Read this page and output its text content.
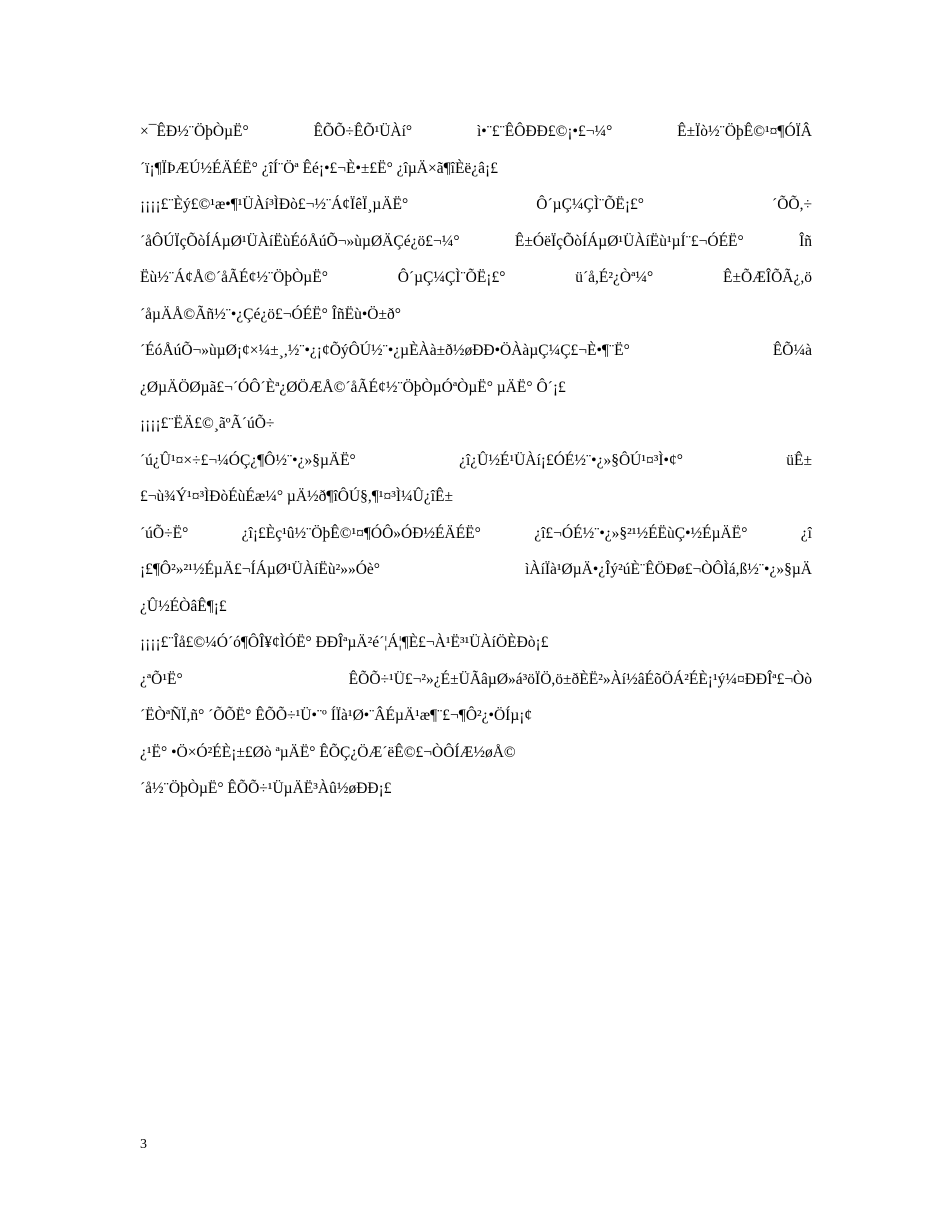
×¯ÊÐ½¨ÖþÒµË° ÊÕÕ÷ÊÕ¹ÜÀí° ì•¨£¨ÊÔÐÐ£©¡•£¬¼° Ê±Ïò½¨ÖþÊ©¹¤¶ÓÏÂ
´ï¡¶ÏÞÆÚ½ÉÄÉË° ¿îÍ¨Öª Êé¡•£¬È•±£Ë° ¿îµÄ×ã¶îÈë¿â¡£
¡¡¡¡£¨Èý£©¹æ•¶¹ÜÀí³ÌÐò£¬½¨Á¢ÏêÏ¸µÄË° Ô´µÇ¼ÇÌ¨ÕË¡£° ´ÕÕ,÷
´åÔÚÏçÕòÍÁµØ¹ÜÀíËùÉóÅúÕ¬»ùµØÄÇé¿ö£¬¼° Ê±ÓëÏçÕòÍÁµØ¹ÜÀíËù¹µÍ¨£¬ÓÉË° Îñ
Ëù½¨Á¢Å©´åÃÉ¢½¨ÖþÒµË° Ô´µÇ¼ÇÌ¨ÕË¡£° ü´å,É²¿Òª¼° Ê±ÕÆÎÕÃ¿,ö
´åµÄÅ©Ãñ½¨•¿Çé¿ö£¬ÓÉË° ÎñËù•Ö±ð°
´ÉóÅúÕ¬»ùµØ¡¢×¼±¸,½¨•¿¡¢ÕýÔÚ½¨•¿µÈÀà±ð½øÐÐ•ÖÀàµÇ¼Ç£¬È•¶¨Ë° ÊÕ¼à
¿ØµÄÖØµã£¬´ÓÔ´Èª¿ØÖÆÅ©´åÃÉ¢½¨ÖþÒµÓªÒµË° µÄË° Ô´¡£
¡¡¡¡£¨ËÄ£©¸ãºÃ´úÕ÷
´ú¿Û¹¤×÷£¬¼ÓÇ¿¶Ô½¨•¿»§µÄË° ¿î¿Û½É¹ÜÀí¡£ÓÉ½¨•¿»§ÔÚ¹¤³Ì•¢° üÊ±
£¬ù¾Ý¹¤³ÌÐòÉùÉæ¼° µÄ½ð¶îÔÚ§,¶¹¤³Ì¼Û¿îÊ±
´úÕ÷Ë° ¿î¡£Èç¹û½¨ÖþÊ©¹¤¶ÓÔ»ÓÐ½ÉÄÉË° ¿î£¬ÓÉ½¨•¿»§²¹½ÉËùÇ•½ÉµÄË° ¿î
¡£¶Ô²»²¹½ÉµÄ£¬ÍÁµØ¹ÜÀíËù²»»Óè° ìÀíÏà¹ØµÄ•¿Îý²úÈ¨ÊÖÐø£¬ÒÔÌá,ß½¨•¿»§µÄ
¿Û½ÉÒâÊ¶¡£
¡¡¡¡£¨Îå£©¼Ó´ó¶ÔÎ¥¢ÌÓË° ÐÐÎªµÄ²é´¦Á¦¶È£¬À¹Ë³¹ÜÀíÖÈÐò¡£
¿ªÕ¹Ë° ÊÕÕ÷¹Ü£¬²»¿É±ÜÃâµØ»á³öÏÖ,ö±ðÈË²»Àí½âÉõÖÁ²ÉÈ¡¹ý¼¤ÐÐÎª£¬Òò
´ËÒªÑÏ,ñ° ´ÕÕË° ÊÕÕ÷¹Ü•¨º ÍÏà¹Ø•¨ÂÉµÄ¹æ¶¨£¬¶Ô²¿•ÖÍµ¡¢
¿¹Ë° •Ö×Ó²ÉÈ¡±£Øò ªµÄË° ÊÕÇ¿ÖÆ´ëÊ©£¬ÒÔÍÆ½øÅ©
´å½¨ÖþÒµË° ÊÕÕ÷¹ÜµÄË³Àû½øÐÐ¡£
3
